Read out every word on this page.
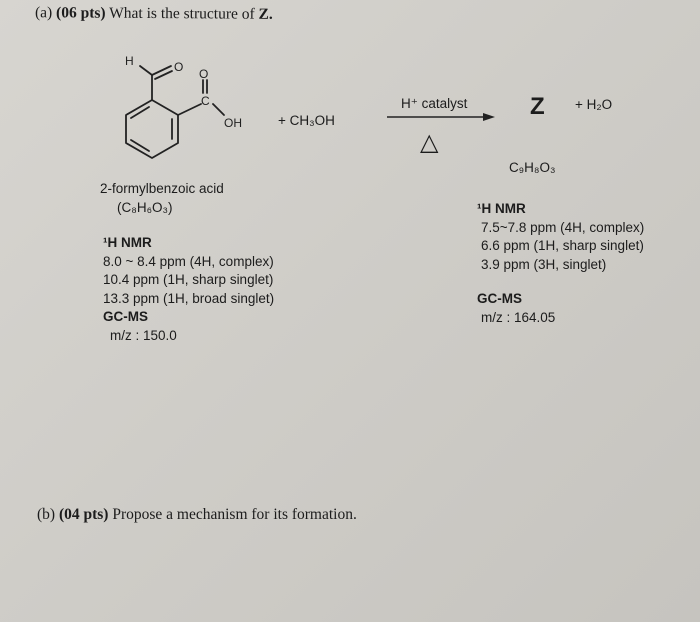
(a) (06 pts) What is the structure of Z.
H	O O
C
OH	+ CH₃OH
H⁺ catalyst
△
Z + H₂O
2-formylbenzoic acid
(C₈H₆O₃)
¹H NMR
8.0 ~ 8.4 ppm (4H, complex)
10.4 ppm (1H, sharp singlet)
13.3 ppm (1H, broad singlet)
GC-MS
m/z : 150.0
C₉H₈O₃
¹H NMR
7.5~7.8 ppm (4H, complex)
6.6 ppm (1H, sharp singlet)
3.9 ppm (3H, singlet)
GC-MS
m/z : 164.05
(b) (04 pts) Propose a mechanism for its formation.
